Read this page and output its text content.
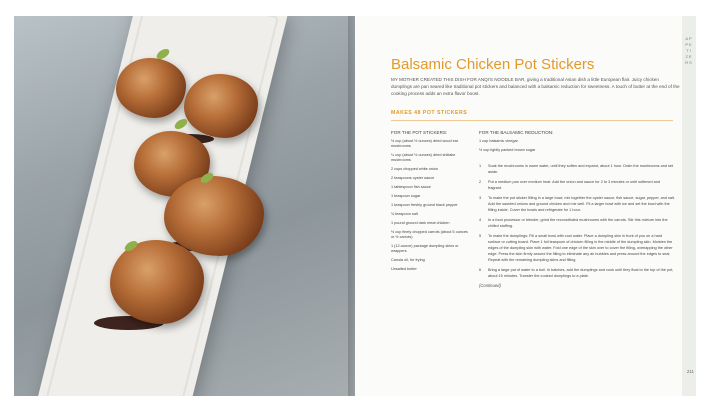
Balsamic Chicken Pot Stickers
MY MOTHER CREATED THIS DISH FOR ANQI'S NOODLE BAR, giving a traditional Asian dish a little European flair. Juicy chicken dumplings are pan seared like traditional pot stickers and balanced with a balsamic reduction for sweetness. A touch of butter at the end of the cooking process adds an extra flavor boost.
MAKES 48 POT STICKERS
FOR THE POT STICKERS:
½ cup (about ½ ounces) dried wood ear mushrooms
¼ cup (about ½ ounces) dried shiitake mushrooms
2 cups chopped white onion
2 teaspoons oyster sauce
1 tablespoon fish sauce
1 teaspoon sugar
1 teaspoon freshly ground black pepper
¾ teaspoon salt
1 pound ground dark meat chicken
½ cup finely chopped carrots (about 5 ounces or ½ carrots)
1 (12-ounce) package dumpling skins or wrappers
Canola oil, for frying
Unsalted butter
FOR THE BALSAMIC REDUCTION:
1 cup balsamic vinegar
½ cup lightly packed brown sugar
1	Soak the mushrooms in warm water, until they soften and expand, about 1 hour. Drain the mushrooms and set aside.
2	Put a medium pan over medium heat. Add the onion and sauce for 2 to 3 minutes or until softened and fragrant.
3	To make the pot sticker filling in a large bowl, mix together the oyster sauce, fish sauce, sugar, pepper, and salt. Add the sautéed onions and ground chicken and mix well. Fit a larger bowl with ice and set the bowl with the filling inside. Cover the bowls and refrigerate for 1 hour.
4	In a food processor or blender, grind the reconstituted mushrooms with the carrots. Stir this mixture into the chilled stuffing.
5	To make the dumplings: Fill a small bowl with cool water. Place a dumpling skin in front of you on a hard surface or cutting board. Place 1 full teaspoon of chicken filling in the middle of the dumpling skin. Moisten the edges of the dumpling skin with water. Fold one edge of the skin over to cover the filling, overlapping the other edge. Press the skin firmly around the filling to eliminate any air bubbles and press around the edges to seal. Repeat with the remaining dumpling skins and filling.
6	Bring a large pot of water to a boil. In batches, add the dumplings and cook until they float to the top of the pot, about 15 minutes. Transfer the cooked dumplings to a plate.
(Continued)
APPETIZERS
211
